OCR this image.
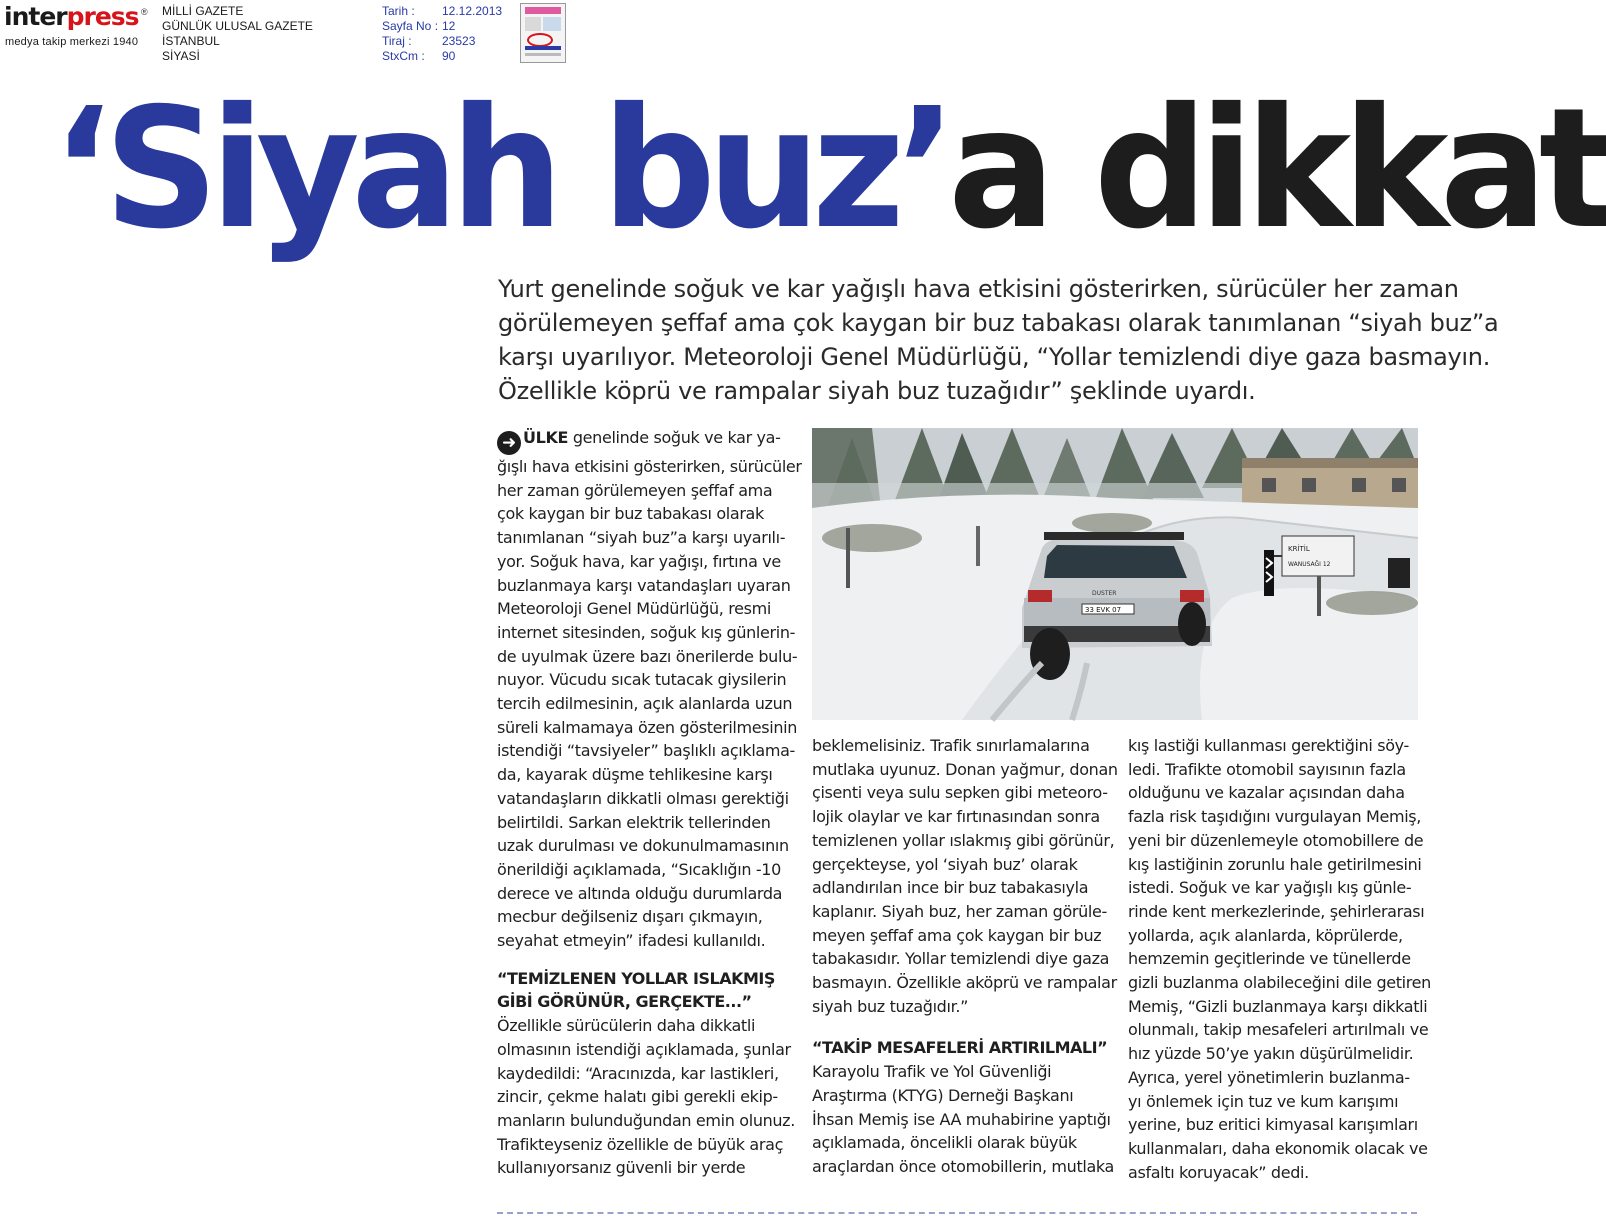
interpress ®
medya takip merkezi 1940
MİLLİ GAZETE
GÜNLÜK ULUSAL GAZETE
İSTANBUL
SİYASİ
Tarih :	12.12.2013
Sayfa No : 12
Tiraj :	23523
StxCm :	90
‘Siyah buz’a dikkat
Yurt genelinde soğuk ve kar yağışlı hava etkisini gösterirken, sürücüler her zaman
görülemeyen şeffaf ama çok kaygan bir buz tabakası olarak tanımlanan “siyah buz”a
karşı uyarılıyor. Meteoroloji Genel Müdürlüğü, “Yollar temizlendi diye gaza basmayın.
Özellikle köprü ve rampalar siyah buz tuzağıdır” şeklinde uyardı.
KRİTİL
WANUSAĞI 12
33 EVK 07
DUSTER
➜ ÜLKE genelinde soğuk ve kar ya-
ğışlı hava etkisini gösterirken, sürücüler
her zaman görülemeyen şeffaf ama
çok kaygan bir buz tabakası olarak
tanımlanan “siyah buz”a karşı uyarılı-
yor. Soğuk hava, kar yağışı, fırtına ve
buzlanmaya karşı vatandaşları uyaran
Meteoroloji Genel Müdürlüğü, resmi
internet sitesinden, soğuk kış günlerin-
de uyulmak üzere bazı önerilerde bulu-
nuyor. Vücudu sıcak tutacak giysilerin
tercih edilmesinin, açık alanlarda uzun
süreli kalmamaya özen gösterilmesinin
istendiği “tavsiyeler” başlıklı açıklama-
da, kayarak düşme tehlikesine karşı
vatandaşların dikkatli olması gerektiği
belirtildi. Sarkan elektrik tellerinden
uzak durulması ve dokunulmamasının
önerildiği açıklamada, “Sıcaklığın -10
derece ve altında olduğu durumlarda
mecbur değilseniz dışarı çıkmayın,
seyahat etmeyin” ifadesi kullanıldı.
“TEMİZLENEN YOLLAR ISLAKMIŞ
GİBİ GÖRÜNÜR, GERÇEKTE...”
Özellikle sürücülerin daha dikkatli
olmasının istendiği açıklamada, şunlar
kaydedildi: “Aracınızda, kar lastikleri,
zincir, çekme halatı gibi gerekli ekip-
manların bulunduğundan emin olunuz.
Trafikteyseniz özellikle de büyük araç
kullanıyorsanız güvenli bir yerde
beklemelisiniz. Trafik sınırlamalarına
mutlaka uyunuz. Donan yağmur, donan
çisenti veya sulu sepken gibi meteoro-
lojik olaylar ve kar fırtınasından sonra
temizlenen yollar ıslakmış gibi görünür,
gerçekteyse, yol ‘siyah buz’ olarak
adlandırılan ince bir buz tabakasıyla
kaplanır. Siyah buz, her zaman görüle-
meyen şeffaf ama çok kaygan bir buz
tabakasıdır. Yollar temizlendi diye gaza
basmayın. Özellikle aköprü ve rampalar
siyah buz tuzağıdır.”
“TAKİP MESAFELERİ ARTIRILMALI”
Karayolu Trafik ve Yol Güvenliği
Araştırma (KTYG) Derneği Başkanı
İhsan Memiş ise AA muhabirine yaptığı
açıklamada, öncelikli olarak büyük
araçlardan önce otomobillerin, mutlaka
kış lastiği kullanması gerektiğini söy-
ledi. Trafikte otomobil sayısının fazla
olduğunu ve kazalar açısından daha
fazla risk taşıdığını vurgulayan Memiş,
yeni bir düzenlemeyle otomobillere de
kış lastiğinin zorunlu hale getirilmesini
istedi. Soğuk ve kar yağışlı kış günle-
rinde kent merkezlerinde, şehirlerarası
yollarda, açık alanlarda, köprülerde,
hemzemin geçitlerinde ve tünellerde
gizli buzlanma olabileceğini dile getiren
Memiş, “Gizli buzlanmaya karşı dikkatli
olunmalı, takip mesafeleri artırılmalı ve
hız yüzde 50’ye yakın düşürülmelidir.
Ayrıca, yerel yönetimlerin buzlanma-
yı önlemek için tuz ve kum karışımı
yerine, buz eritici kimyasal karışımları
kullanmaları, daha ekonomik olacak ve
asfaltı koruyacak” dedi.
